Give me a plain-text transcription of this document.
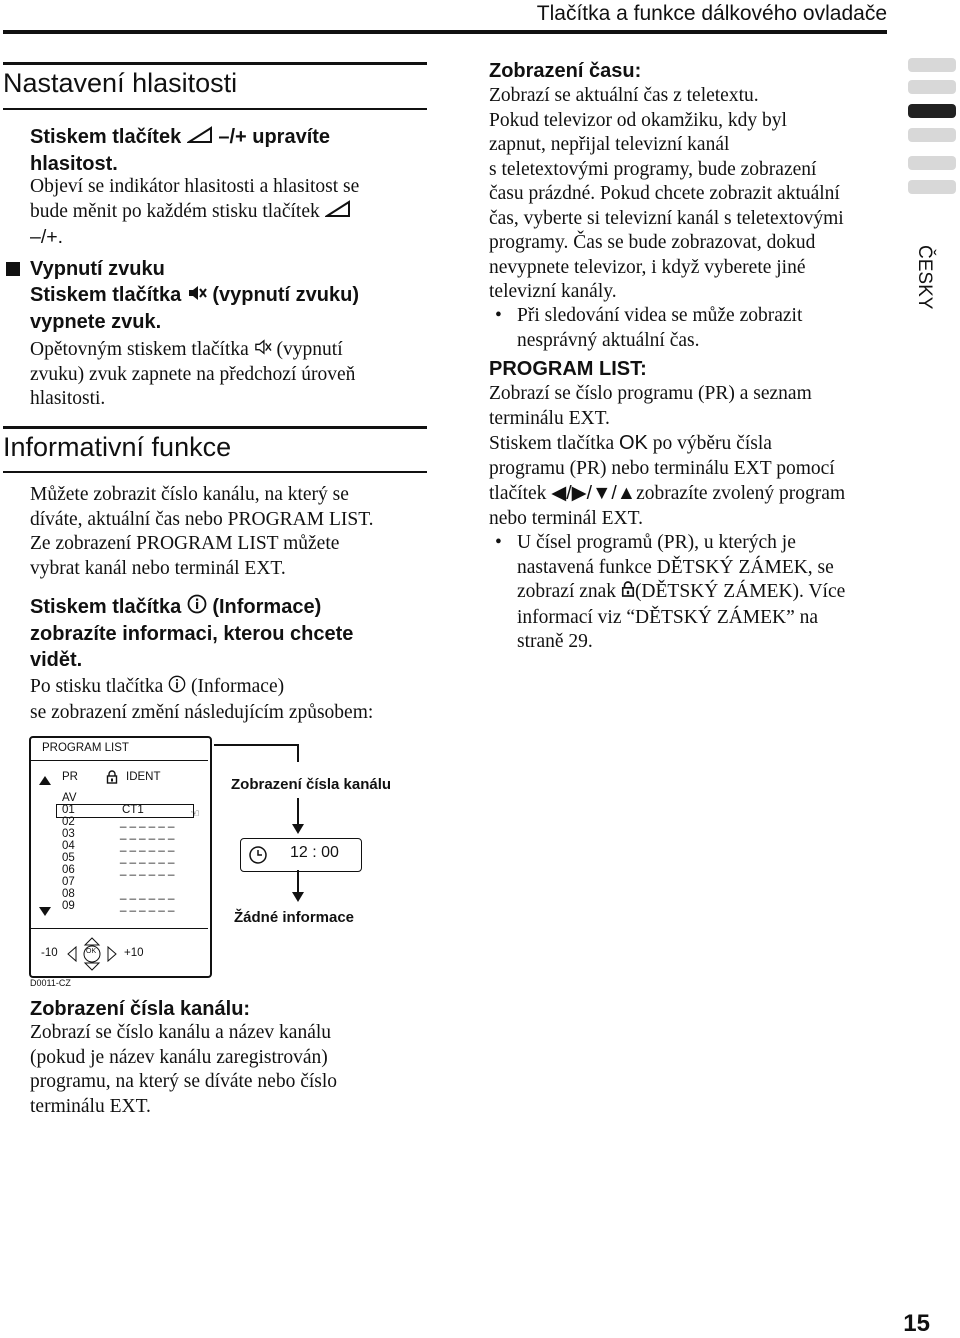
Tlačítka a funkce dálkového ovladače
ČESKY
Nastavení hlasitosti
Stiskem tlačítek –/+ upravíte
hlasitost.
Objeví se indikátor hlasitosti a hlasitost se
bude měnit po každém stisku tlačítek
–/+.
Vypnutí zvuku
Stiskem tlačítka (vypnutí zvuku)
vypnete zvuk.
Opětovným stiskem tlačítka (vypnutí
zvuku) zvuk zapnete na předchozí úroveň
hlasitosti.
Informativní funkce
Můžete zobrazit číslo kanálu, na který se
díváte, aktuální čas nebo PROGRAM LIST.
Ze zobrazení PROGRAM LIST můžete
vybrat kanál nebo terminál EXT.
Stiskem tlačítka (Informace)
zobrazíte informaci, kterou chcete
vidět.
Po stisku tlačítka (Informace)
se zobrazení změní následujícím způsobem:
PROGRAM LIST
PR	IDENT
AV
01	CT1
02	_ _ _ _ _ _
03	_ _ _ _ _ _
04	_ _ _ _ _ _
05	_ _ _ _ _ _
06	_ _ _ _ _ _
07
08	_ _ _ _ _ _
09	_ _ _ _ _ _
☜
-10	OK +10
D0011-CZ
Zobrazení čísla kanálu
12 : 00
Žádné informace
Zobrazení čísla kanálu:
Zobrazí se číslo kanálu a název kanálu
(pokud je název kanálu zaregistrován)
programu, na který se díváte nebo číslo
terminálu EXT.
Zobrazení času:
Zobrazí se aktuální čas z teletextu.
Pokud televizor od okamžiku, kdy byl
zapnut, nepřijal televizní kanál
s teletextovými programy, bude zobrazení
času prázdné. Pokud chcete zobrazit aktuální
čas, vyberte si televizní kanál s teletextovými
programy. Čas se bude zobrazovat, dokud
nevypnete televizor, i když vyberete jiné
televizní kanály.

• Při sledování videa se může zobrazit
nesprávný aktuální čas.
PROGRAM LIST:
Zobrazí se číslo programu (PR) a seznam
terminálu EXT.
Stiskem tlačítka OK po výběru čísla
programu (PR) nebo terminálu EXT pomocí
tlačítek ◀/▶/▼/▲zobrazíte zvolený program
nebo terminál EXT.
• U čísel programů (PR), u kterých je
nastavená funkce DĚTSKÝ ZÁMEK, se
zobrazí znak (DĚTSKÝ ZÁMEK). Více
informací viz “DĚTSKÝ ZÁMEK” na
straně 29.
15
